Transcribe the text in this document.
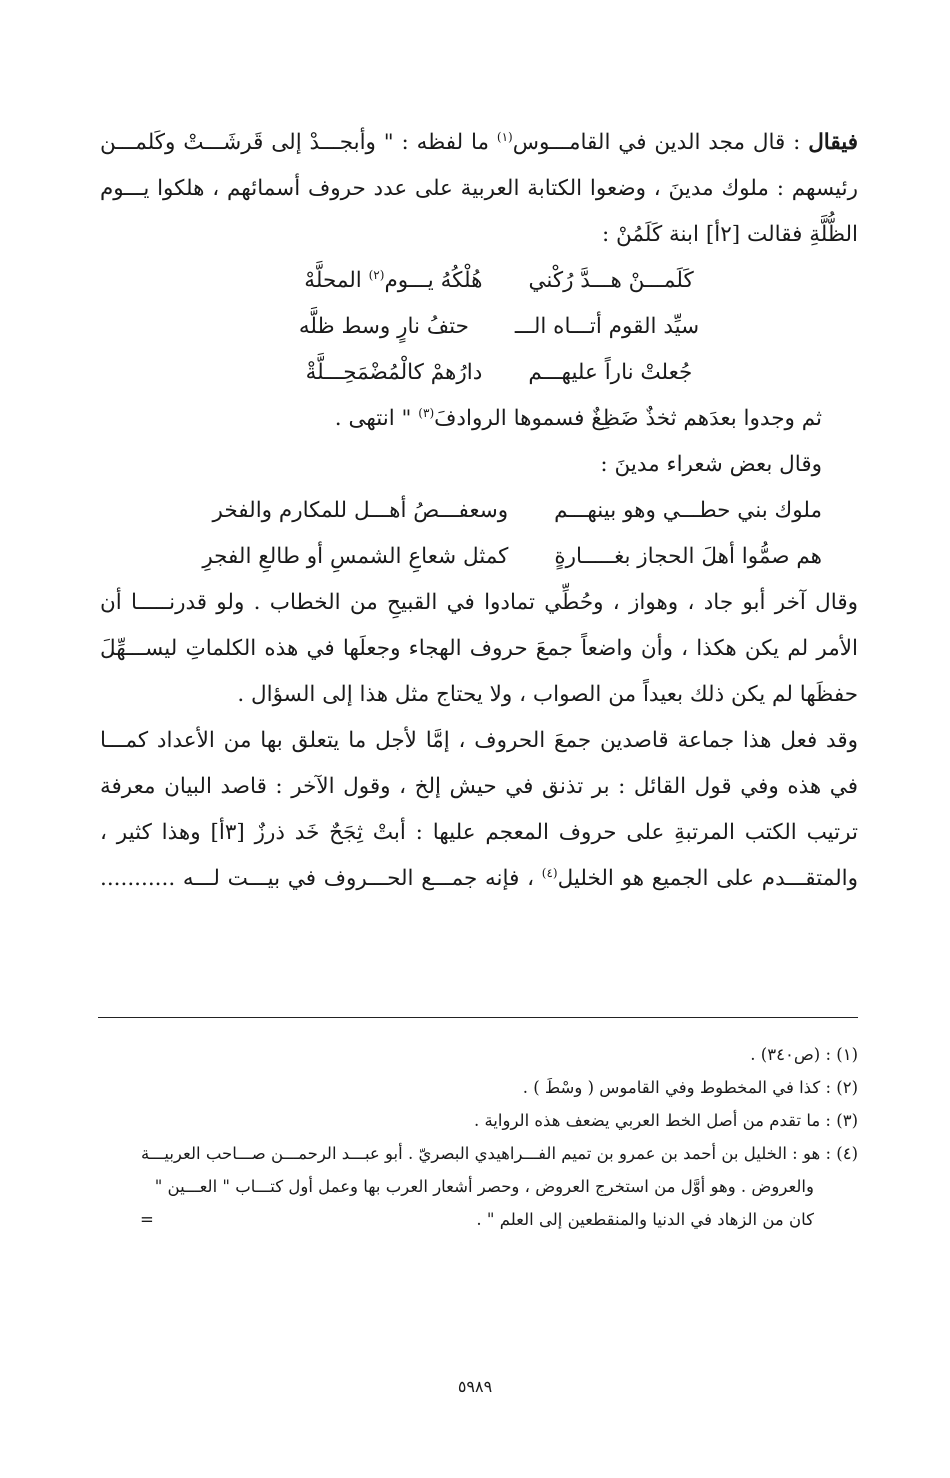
فيقال : قال مجد الدين في القامـــوس$^{(١)}$ ما لفظه : " وأبجـــدْ إلى قَرشَـــتْ وكَلمـــن رئيسهم : ملوك مدينَ ، وضعوا الكتابة العربية على عدد حروف أسمائهم ، هلكوا يـــوم الظُّلَّةِ فقالت [٢أ] ابنة كَلَمُنْ :

كَلَمـــنْ هـــدَّ رُكْني
هُلْكُهُ يـــوم$^{(٢)}$ المحلَّهْ
سيِّد القوم أتـــاه الـــ
حتفُ نارٍ وسط ظلَّه
جُعلتْ ناراً عليهـــم
دارُهمْ كالْمُضْمَحِـــلَّةْ

ثم وجدوا بعدَهم ثخذٌ ضَظِغٌ فسموها الروادفَ$^{(٣)}$ " انتهى .

وقال بعض شعراء مدينَ :

ملوك بني حطـــي وهو بينهـــم
وسعفـــصُ أهـــل للمكارم والفخر
هم صمُّوا أهلَ الحجاز بغـــــارةٍ
كمثل شعاعِ الشمسِ أو طالعِ الفجرِ

وقال آخر أبو جاد ، وهواز ، وحُطِّي تمادوا في القبيحِ من الخطاب . ولو قدرنـــــا أن الأمر لم يكن هكذا ، وأن واضعاً جمعَ حروف الهجاء وجعلَها في هذه الكلماتِ ليســـهِّلَ حفظَها لم يكن ذلك بعيداً من الصواب ، ولا يحتاج مثل هذا إلى السؤال .

وقد فعل هذا جماعة قاصدين جمعَ الحروف ، إمَّا لأجل ما يتعلق بها من الأعداد كمـــا في هذه وفي قول القائل : بر تذنق في حيش إلخ ، وقول الآخر : قاصد البيان معرفة ترتيب الكتب المرتبةِ على حروف المعجم عليها : أبتْ ثِجَحٌ خَد ذرزٌ [٣أ] وهذا كثير ، والمتقـــدم على الجميع هو الخليل$^{(٤)}$ ، فإنه جمـــع الحـــروف في بيـــت لـــه ...........

(١) : (ص٣٤٠) .

(٢) : كذا في المخطوط وفي القاموس ( وسْطَ ) .

(٣) : ما تقدم من أصل الخط العربي يضعف هذه الرواية .

(٤) : هو : الخليل بن أحمد بن عمرو بن تميم الفـــراهيدي البصريّ . أبو عبـــد الرحمـــن صـــاحب العربيـــة

والعروض . وهو أوَّل من استخرج العروض ، وحصر أشعار العرب بها وعمل أول كتـــاب " العـــين "

كان من الزهاد في الدنيا والمنقطعين إلى العلم " .
=

٥٩٨٩
